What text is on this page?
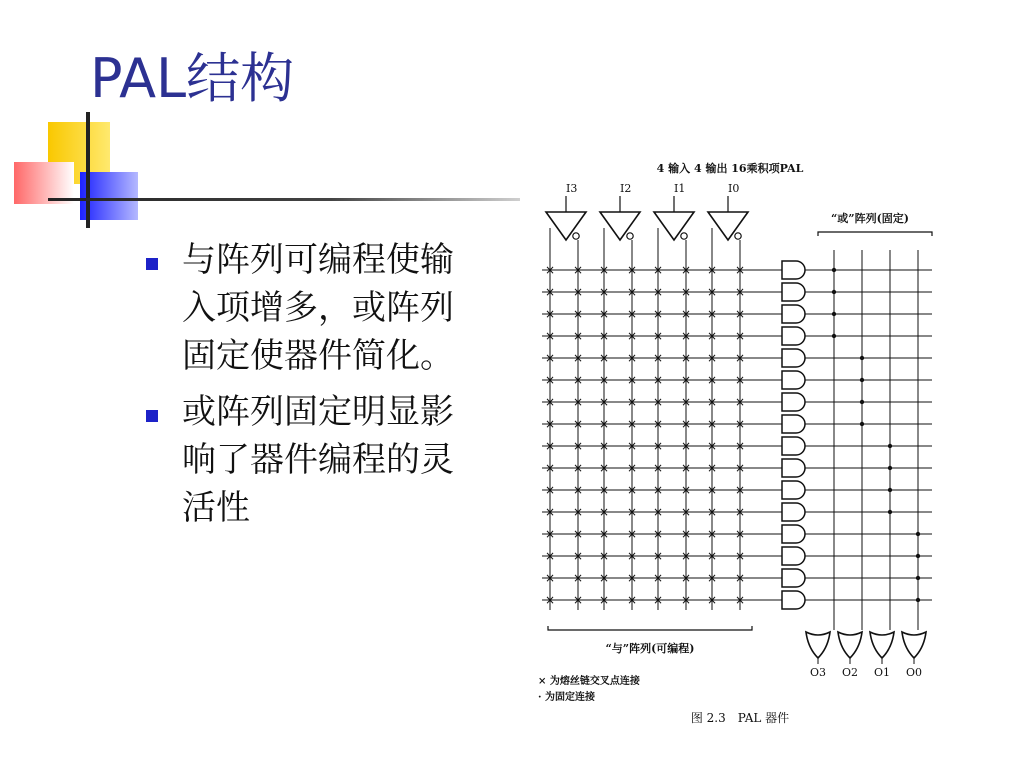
PAL结构
与阵列可编程使输入项增多，或阵列固定使器件简化。
或阵列固定明显影响了器件编程的灵活性
4 输入 4 输出 16乘积项PAL
I3	I2	I1	I0
“或”阵列(固定)
× × × × × × × ×
× × × × × × × ×
× × × × × × × ×
× × × × × × × ×
× × × × × × × ×
× × × × × × × ×
× × × × × × × ×
× × × × × × × ×
× × × × × × × ×
× × × × × × × ×
× × × × × × × ×
× × × × × × × ×
× × × × × × × ×
× × × × × × × ×
× × × × × × × ×
× × × × × × × ×
“与”阵列(可编程)
O3 O2 O1 O0
× 为熔丝链交叉点连接
· 为固定连接
图 2.3　PAL 器件
